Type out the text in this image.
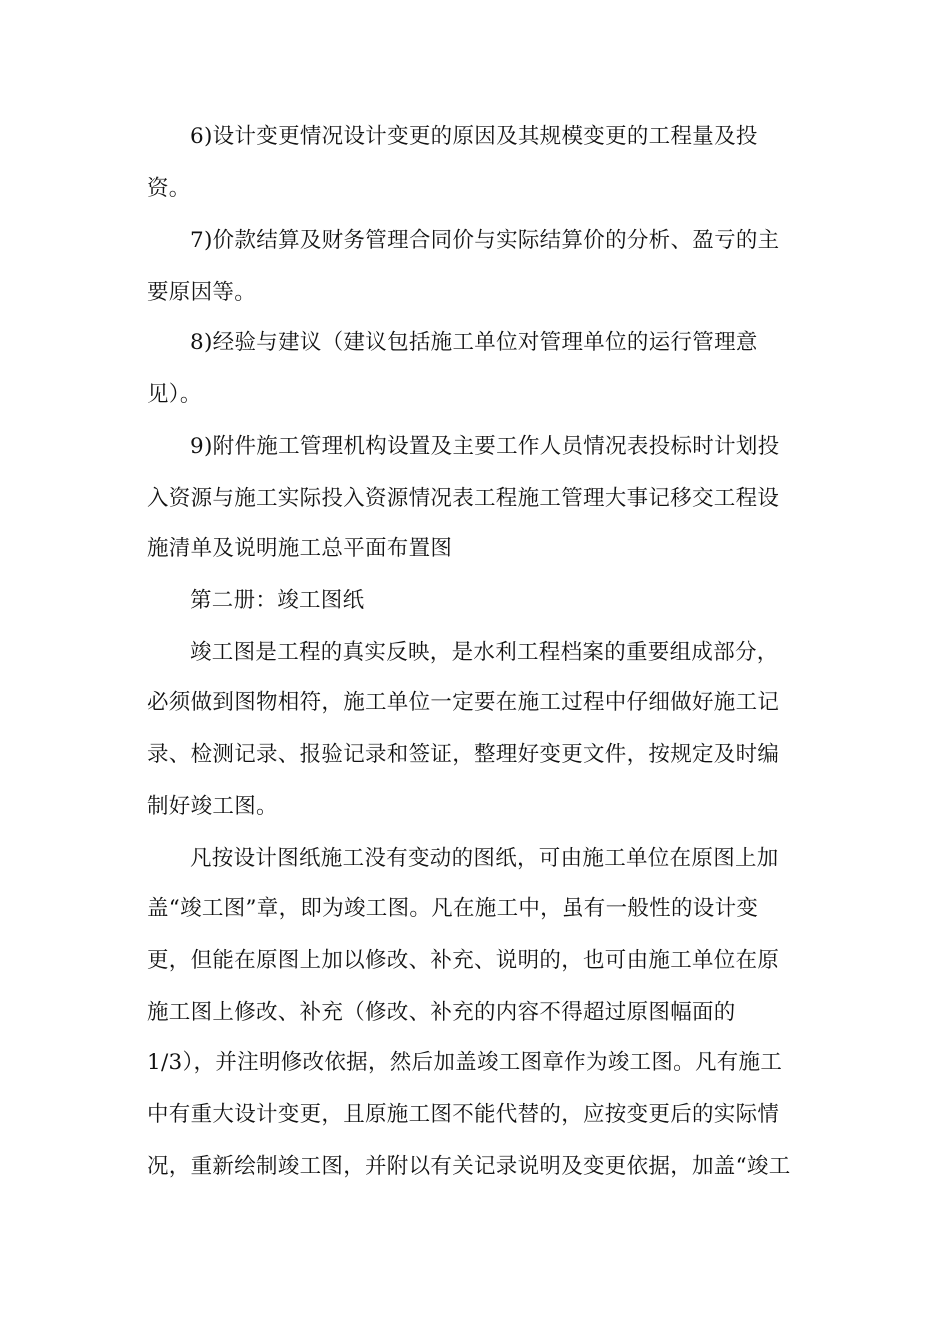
6)设计变更情况设计变更的原因及其规模变更的工程量及投
资。
7)价款结算及财务管理合同价与实际结算价的分析、盈亏的主
要原因等。
8)经验与建议（建议包括施工单位对管理单位的运行管理意
见）。
9)附件施工管理机构设置及主要工作人员情况表投标时计划投
入资源与施工实际投入资源情况表工程施工管理大事记移交工程设
施清单及说明施工总平面布置图
第二册：竣工图纸
竣工图是工程的真实反映，是水利工程档案的重要组成部分，
必须做到图物相符，施工单位一定要在施工过程中仔细做好施工记
录、检测记录、报验记录和签证，整理好变更文件，按规定及时编
制好竣工图。
凡按设计图纸施工没有变动的图纸，可由施工单位在原图上加
盖“竣工图”章，即为竣工图。凡在施工中，虽有一般性的设计变
更，但能在原图上加以修改、补充、说明的，也可由施工单位在原
施工图上修改、补充（修改、补充的内容不得超过原图幅面的
1/3），并注明修改依据，然后加盖竣工图章作为竣工图。凡有施工
中有重大设计变更，且原施工图不能代替的，应按变更后的实际情
况，重新绘制竣工图，并附以有关记录说明及变更依据，加盖“竣工
